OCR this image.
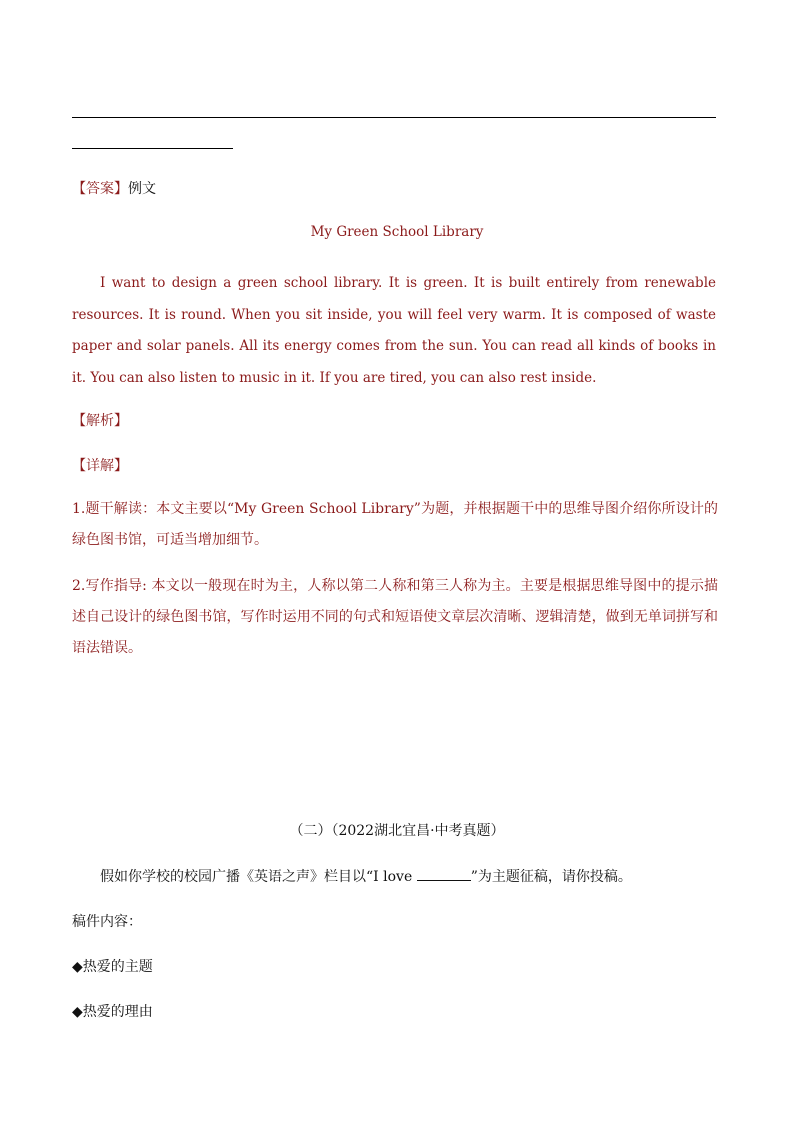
【答案】例文
My Green School Library

I want to design a green school library. It is green. It is built entirely from renewable resources. It is round. When you sit inside, you will feel very warm. It is composed of waste paper and solar panels. All its energy comes from the sun. You can read all kinds of books in it. You can also listen to music in it. If you are tired, you can also rest inside.

【解析】
【详解】

1.题干解读：本文主要以“My Green School Library”为题，并根据题干中的思维导图介绍你所设计的绿色图书馆，可适当增加细节。

2.写作指导: 本文以一般现在时为主，人称以第二人称和第三人称为主。主要是根据思维导图中的提示描述自己设计的绿色图书馆，写作时运用不同的句式和短语使文章层次清晰、逻辑清楚，做到无单词拼写和语法错误。

（二）（2022湖北宜昌·中考真题）
假如你学校的校园广播《英语之声》栏目以“I love	”为主题征稿，请你投稿。
稿件内容：
◆热爱的主题
◆热爱的理由
